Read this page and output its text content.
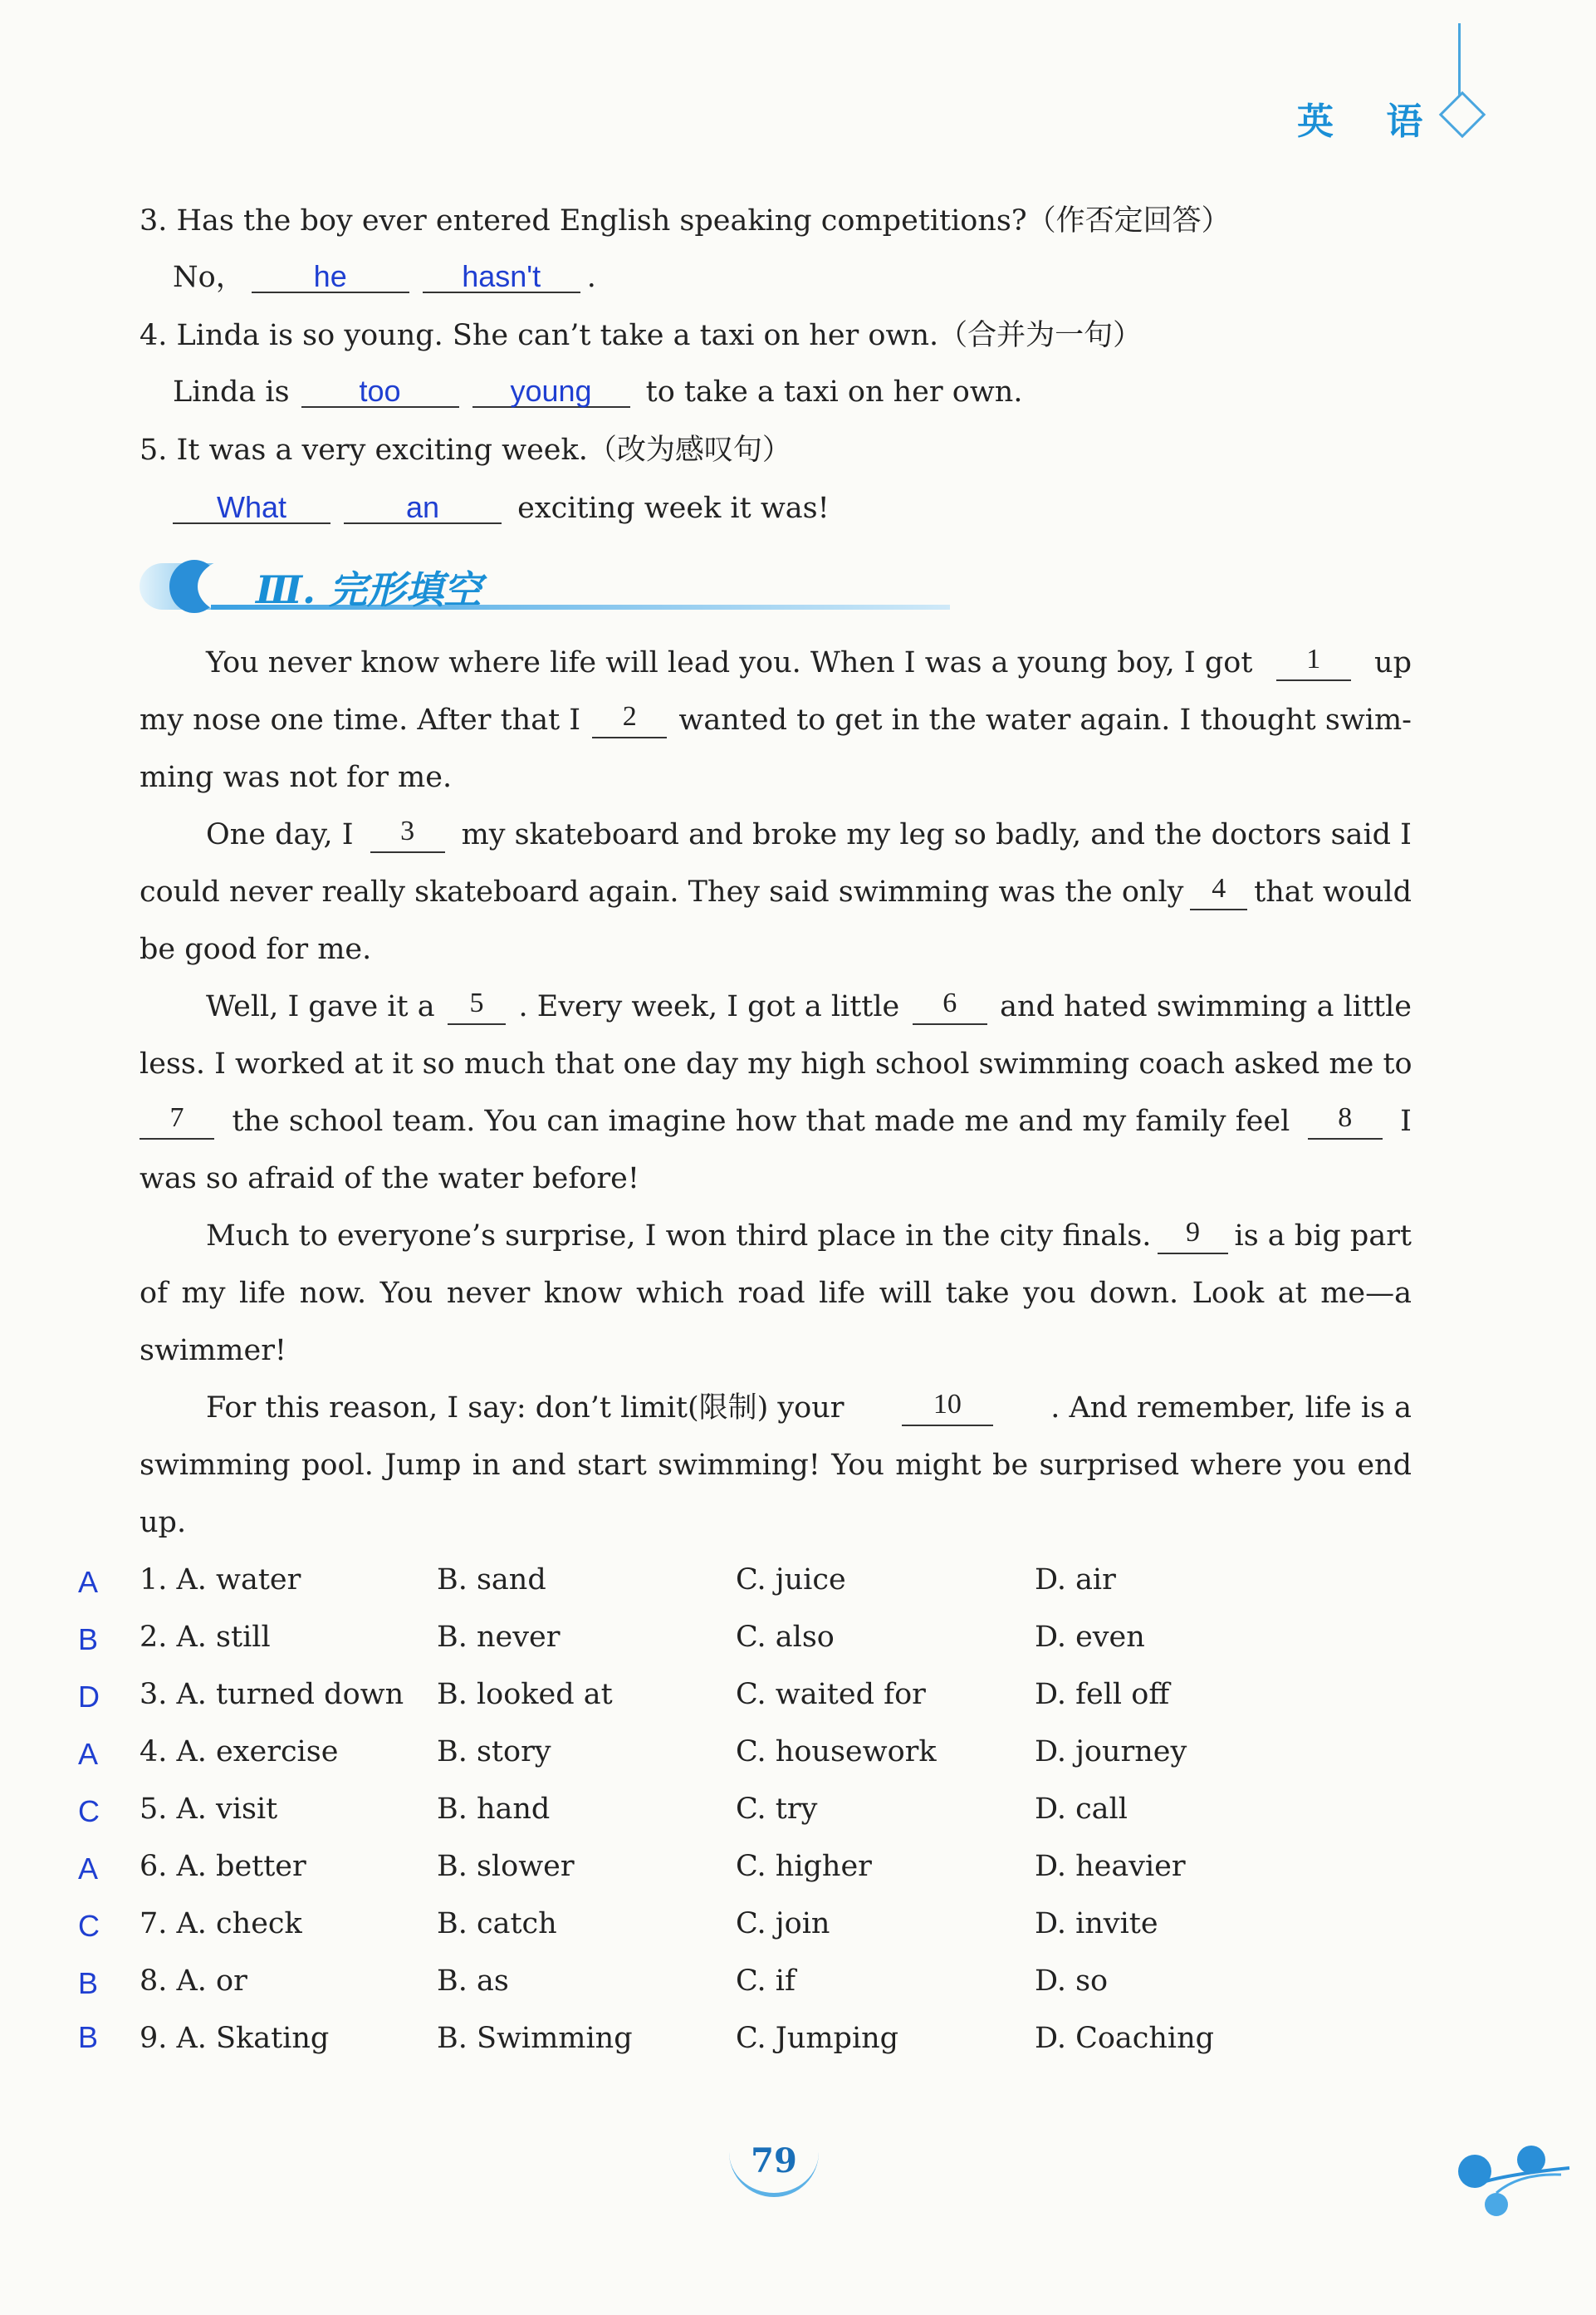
英 语
3. Has the boy ever entered English speaking competitions?（作否定回答）
No， he	hasn't .
4. Linda is so young. She can’t take a taxi on her own.（合并为一句）
Linda is too	young to take a taxi on her own.
5. It was a very exciting week.（改为感叹句）
What	an	exciting week it was!
Ⅲ. 完形填空
You never know where life will lead you. When I was a young boy, I got	1	up
my nose one time. After that I	2	wanted to get in the water again. I thought swim-
ming was not for me.
One day, I	3	my skateboard and broke my leg so badly, and the doctors said I
could never really skateboard again. They said swimming was the only 4 that would
be good for me.
Well, I gave it a	5	. Every week, I got a little	6	and hated swimming a little
less. I worked at it so much that one day my high school swimming coach asked me to
7	the school team. You can imagine how that made me and my family feel	8	I
was so afraid of the water before!
Much to everyone’s surprise, I won third place in the city finals.	9	is a big part
of my life now. You never know which road life will take you down. Look at me—a
swimmer!
For this reason, I say: don’t limit(限制) your	10	. And remember, life is a
swimming pool. Jump in and start swimming! You might be surprised where you end
up.
A 1. A. water	B. sand	C. juice	D. air
B 2. A. still	B. never	C. also	D. even
D 3. A. turned down B. looked at	C. waited for	D. fell off
A 4. A. exercise	B. story	C. housework	D. journey
C 5. A. visit	B. hand	C. try	D. call
A 6. A. better	B. slower	C. higher	D. heavier
C 7. A. check	B. catch	C. join	D. invite
B 8. A. or	B. as	C. if	D. so
B 9. A. Skating	B. Swimming	C. Jumping	D. Coaching
79
